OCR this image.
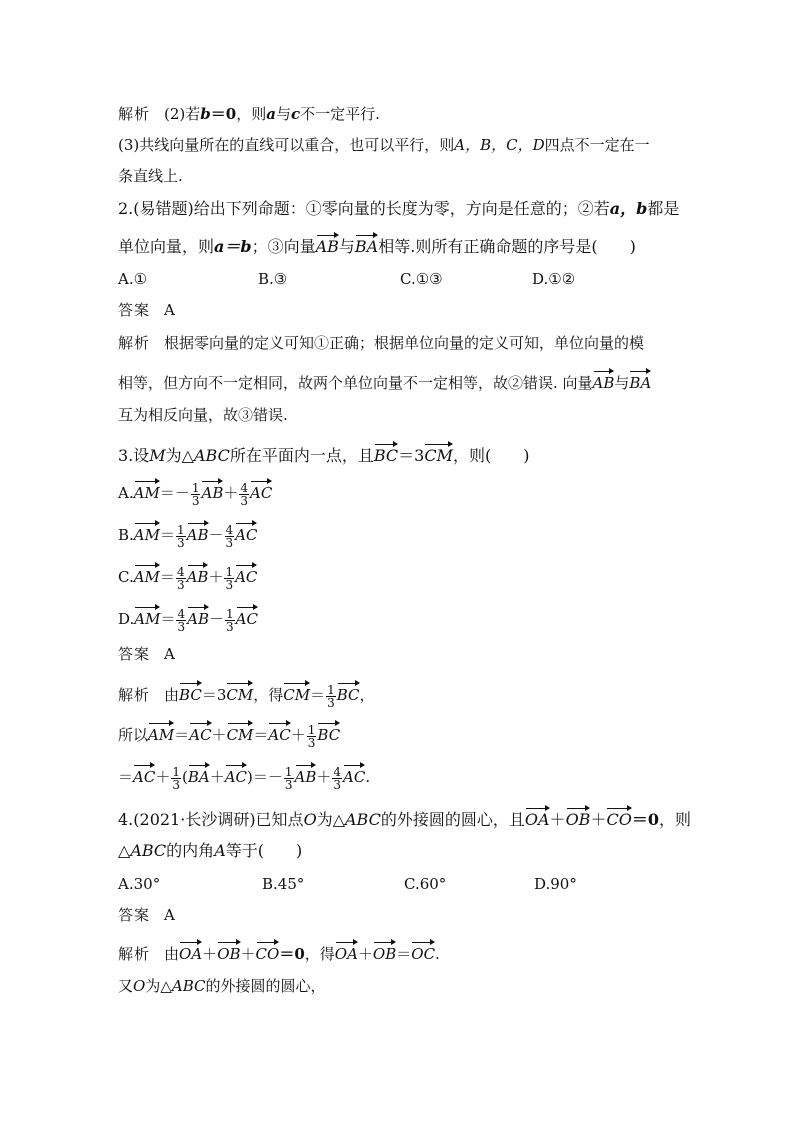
解析 (2)若b＝0，则a与c不一定平行.
(3)共线向量所在的直线可以重合，也可以平行，则A，B，C，D四点不一定在一
条直线上.
2.(易错题)给出下列命题：①零向量的长度为零，方向是任意的；②若a，b都是
单位向量，则a＝b；③向量AB与BA相等.则所有正确命题的序号是(　　)
A.①	B.③	C.①③	D.①②
答案 A
解析 根据零向量的定义可知①正确；根据单位向量的定义可知，单位向量的模
相等，但方向不一定相同，故两个单位向量不一定相等，故②错误. 向量AB与BA
互为相反向量，故③错误.
3.设M为△ABC所在平面内一点，且BC＝3CM，则(　　)
$A.AM=- \frac{1}{3} AB+ \frac{4}{3}$ AC
$B.AM= \frac{1}{3} AB- \frac{4}{3}$ AC
$C.AM= \frac{4}{3} AB+ \frac{1}{3}$ AC
$D.AM= \frac{4}{3} AB- \frac{1}{3}$ AC
答案 A
解析 由BC＝3CM，得$CM= \frac{1}{3}$ BC，
所以$AM=AC+CM=AC+ \frac{1}{3}$ BC
$=AC+ \frac{1}{3} (BA+AC)=- \frac{1}{3} AB+ \frac{4}{3}$ AC.
4.(2021·长沙调研)已知点O为△ABC的外接圆的圆心，且OA＋OB＋CO＝0，则
△ABC的内角A等于(　　)
A.30°	B.45°	C.60°	D.90°
答案 A
解析 由OA＋OB＋CO＝0，得OA＋OB＝OC.
又O为△ABC的外接圆的圆心，
